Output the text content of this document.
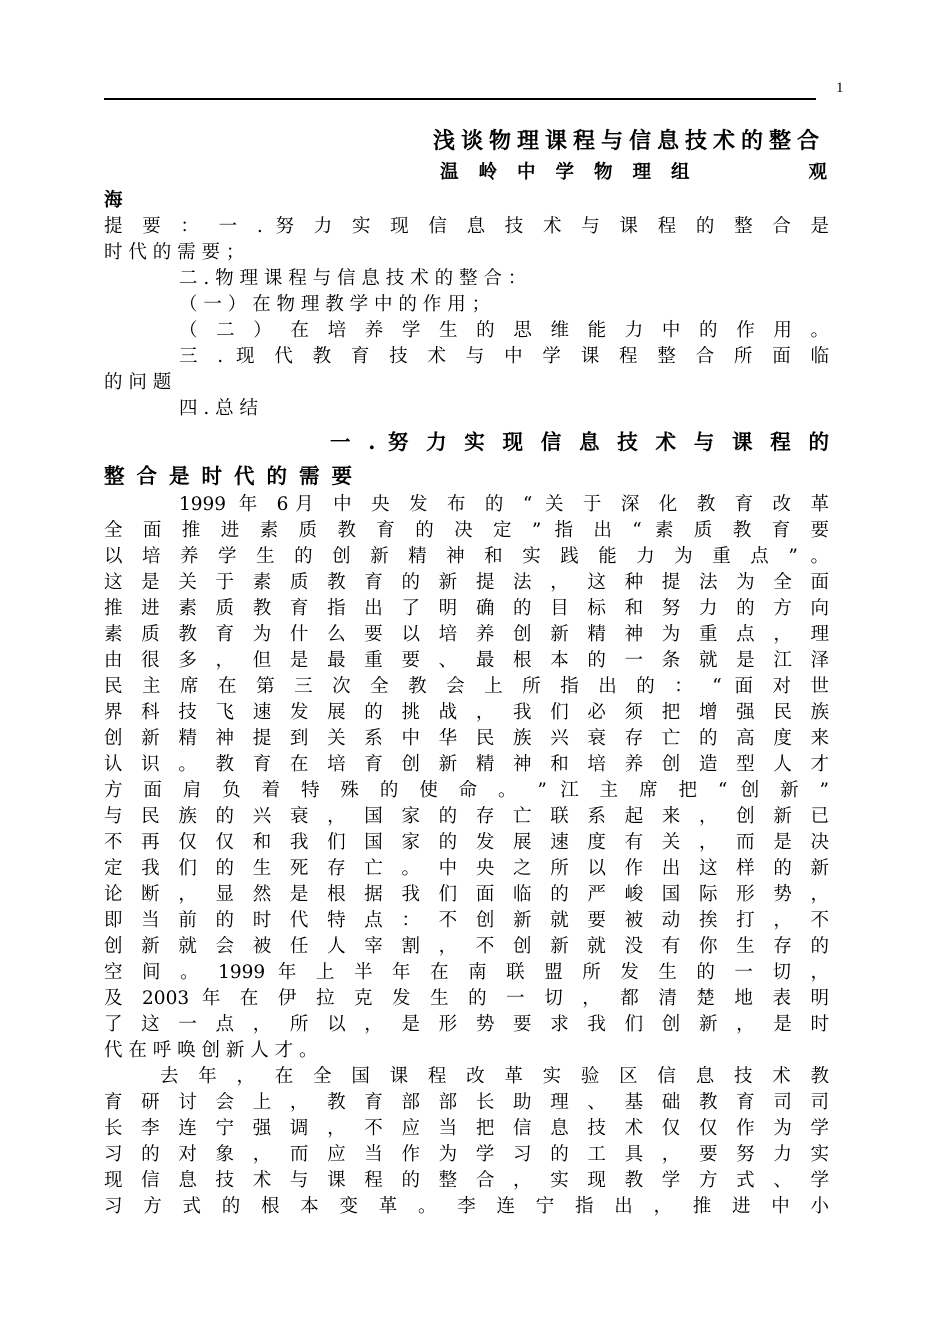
1
浅谈物理课程与信息技术的整合
温岭中学物理组	观
海
提 要 ： 一 . 努 力 实 现 信 息 技 术 与 课 程 的 整 合 是
时 代 的 需 要 ；
二 . 物 理 课 程 与 信 息 技 术 的 整 合 ：
（ 一 ） 在 物 理 教 学 中 的 作 用 ；
（ 二 ） 在 培 养 学 生 的 思 维 能 力 中 的 作 用 。
三 . 现 代 教 育 技 术 与 中 学 课 程 整 合 所 面 临
的 问 题
四 . 总 结
一 . 努 力 实 现 信 息 技 术 与 课 程 的
整合是时代的需要
1999 年 6月 中 央 发 布 的 “ 关 于 深 化 教 育 改 革
全 面 推 进 素 质 教 育 的 决 定 ” 指 出 “ 素 质 教 育 要
以 培 养 学 生 的 创 新 精 神 和 实 践 能 力 为 重 点 ” 。
这 是 关 于 素 质 教 育 的 新 提 法 ， 这 种 提 法 为 全 面
推 进 素 质 教 育 指 出 了 明 确 的 目 标 和 努 力 的 方 向
素 质 教 育 为 什 么 要 以 培 养 创 新 精 神 为 重 点 ， 理
由 很 多 ， 但 是 最 重 要 、 最 根 本 的 一 条 就 是 江 泽
民 主 席 在 第 三 次 全 教 会 上 所 指 出 的 ： “ 面 对 世
界 科 技 飞 速 发 展 的 挑 战 ， 我 们 必 须 把 增 强 民 族
创 新 精 神 提 到 关 系 中 华 民 族 兴 衰 存 亡 的 高 度 来
认 识 。 教 育 在 培 育 创 新 精 神 和 培 养 创 造 型 人 才
方 面 肩 负 着 特 殊 的 使 命 。 ” 江 主 席 把 “ 创 新 ”
与 民 族 的 兴 衰 ， 国 家 的 存 亡 联 系 起 来 ， 创 新 已
不 再 仅 仅 和 我 们 国 家 的 发 展 速 度 有 关 ， 而 是 决
定 我 们 的 生 死 存 亡 。 中 央 之 所 以 作 出 这 样 的 新
论 断 ， 显 然 是 根 据 我 们 面 临 的 严 峻 国 际 形 势 ，
即 当 前 的 时 代 特 点 ： 不 创 新 就 要 被 动 挨 打 ， 不
创 新 就 会 被 任 人 宰 割 ， 不 创 新 就 没 有 你 生 存 的
空 间 。 1999 年 上 半 年 在 南 联 盟 所 发 生 的 一 切 ，
及 2003 年 在 伊 拉 克 发 生 的 一 切 ， 都 清 楚 地 表 明
了 这 一 点 ， 所 以 ， 是 形 势 要 求 我 们 创 新 ， 是 时
代 在 呼 唤 创 新 人 才 。
去 年 ， 在 全 国 课 程 改 革 实 验 区 信 息 技 术 教
育 研 讨 会 上 ， 教 育 部 部 长 助 理 、 基 础 教 育 司 司
长 李 连 宁 强 调 ， 不 应 当 把 信 息 技 术 仅 仅 作 为 学
习 的 对 象 ， 而 应 当 作 为 学 习 的 工 具 ， 要 努 力 实
现 信 息 技 术 与 课 程 的 整 合 ， 实 现 教 学 方 式 、 学
习 方 式 的 根 本 变 革 。 李 连 宁 指 出 ， 推 进 中 小
